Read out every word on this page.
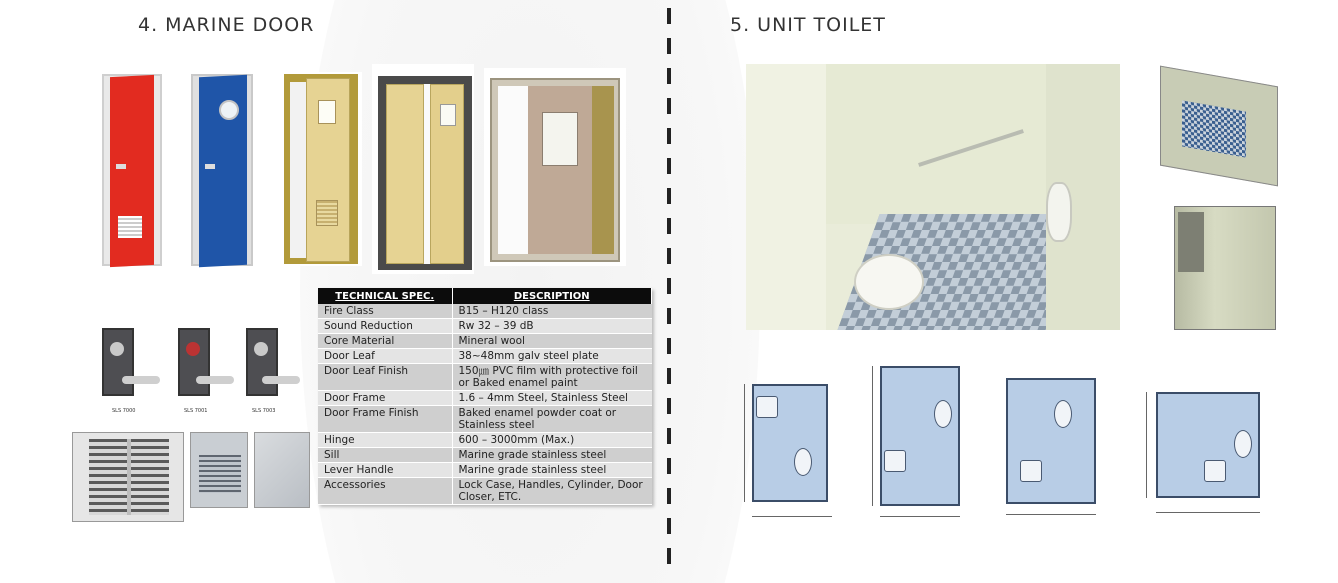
4. MARINE DOOR	5. UNIT TOILET
SLS 7000	SLS 7001	SLS 7003
TECHNICAL SPEC.	DESCRIPTION
Fire Class	B15 – H120 class
Sound Reduction	Rw 32 – 39 dB
Core Material	Mineral wool
Door Leaf	38~48mm galv steel plate
Door Leaf Finish	150㎛ PVC film with protective foil or Baked enamel paint
Door Frame	1.6 – 4mm Steel, Stainless Steel
Door Frame Finish	Baked enamel powder coat or Stainless steel
Hinge	600 – 3000mm (Max.)
Sill	Marine grade stainless steel
Lever Handle	Marine grade stainless steel
Accessories	Lock Case, Handles, Cylinder, Door Closer, ETC.
